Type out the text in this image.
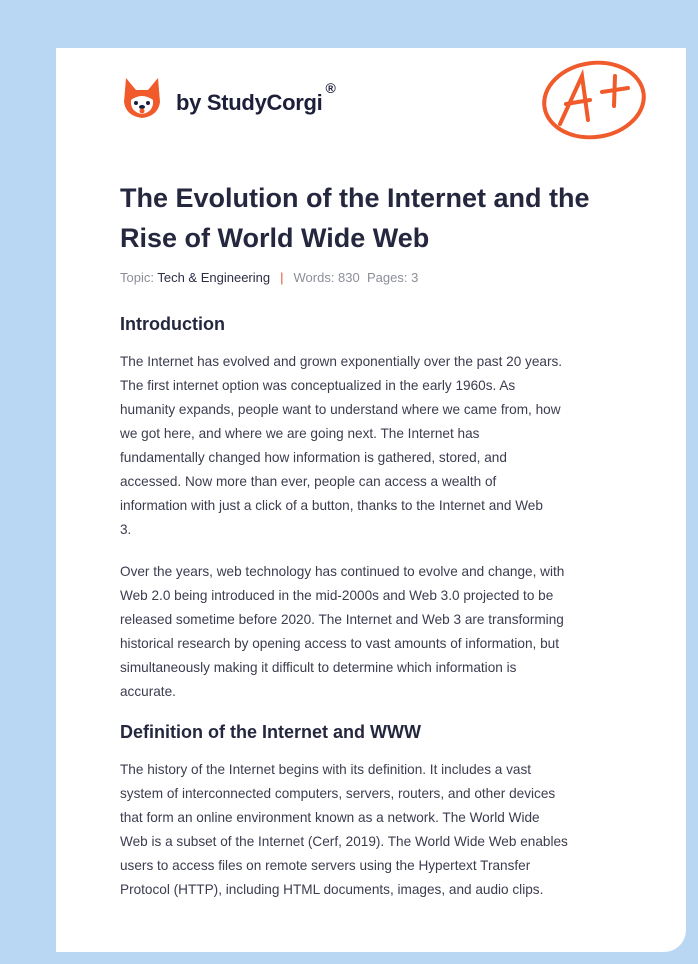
by StudyCorgi®
The Evolution of the Internet and the Rise of World Wide Web
Topic: Tech & Engineering | Words: 830 Pages: 3
Introduction
The Internet has evolved and grown exponentially over the past 20 years.
The first internet option was conceptualized in the early 1960s. As
humanity expands, people want to understand where we came from, how
we got here, and where we are going next. The Internet has
fundamentally changed how information is gathered, stored, and
accessed. Now more than ever, people can access a wealth of
information with just a click of a button, thanks to the Internet and Web
3.
Over the years, web technology has continued to evolve and change, with
Web 2.0 being introduced in the mid-2000s and Web 3.0 projected to be
released sometime before 2020. The Internet and Web 3 are transforming
historical research by opening access to vast amounts of information, but
simultaneously making it difficult to determine which information is
accurate.
Definition of the Internet and WWW
The history of the Internet begins with its definition. It includes a vast
system of interconnected computers, servers, routers, and other devices
that form an online environment known as a network. The World Wide
Web is a subset of the Internet (Cerf, 2019). The World Wide Web enables
users to access files on remote servers using the Hypertext Transfer
Protocol (HTTP), including HTML documents, images, and audio clips.
